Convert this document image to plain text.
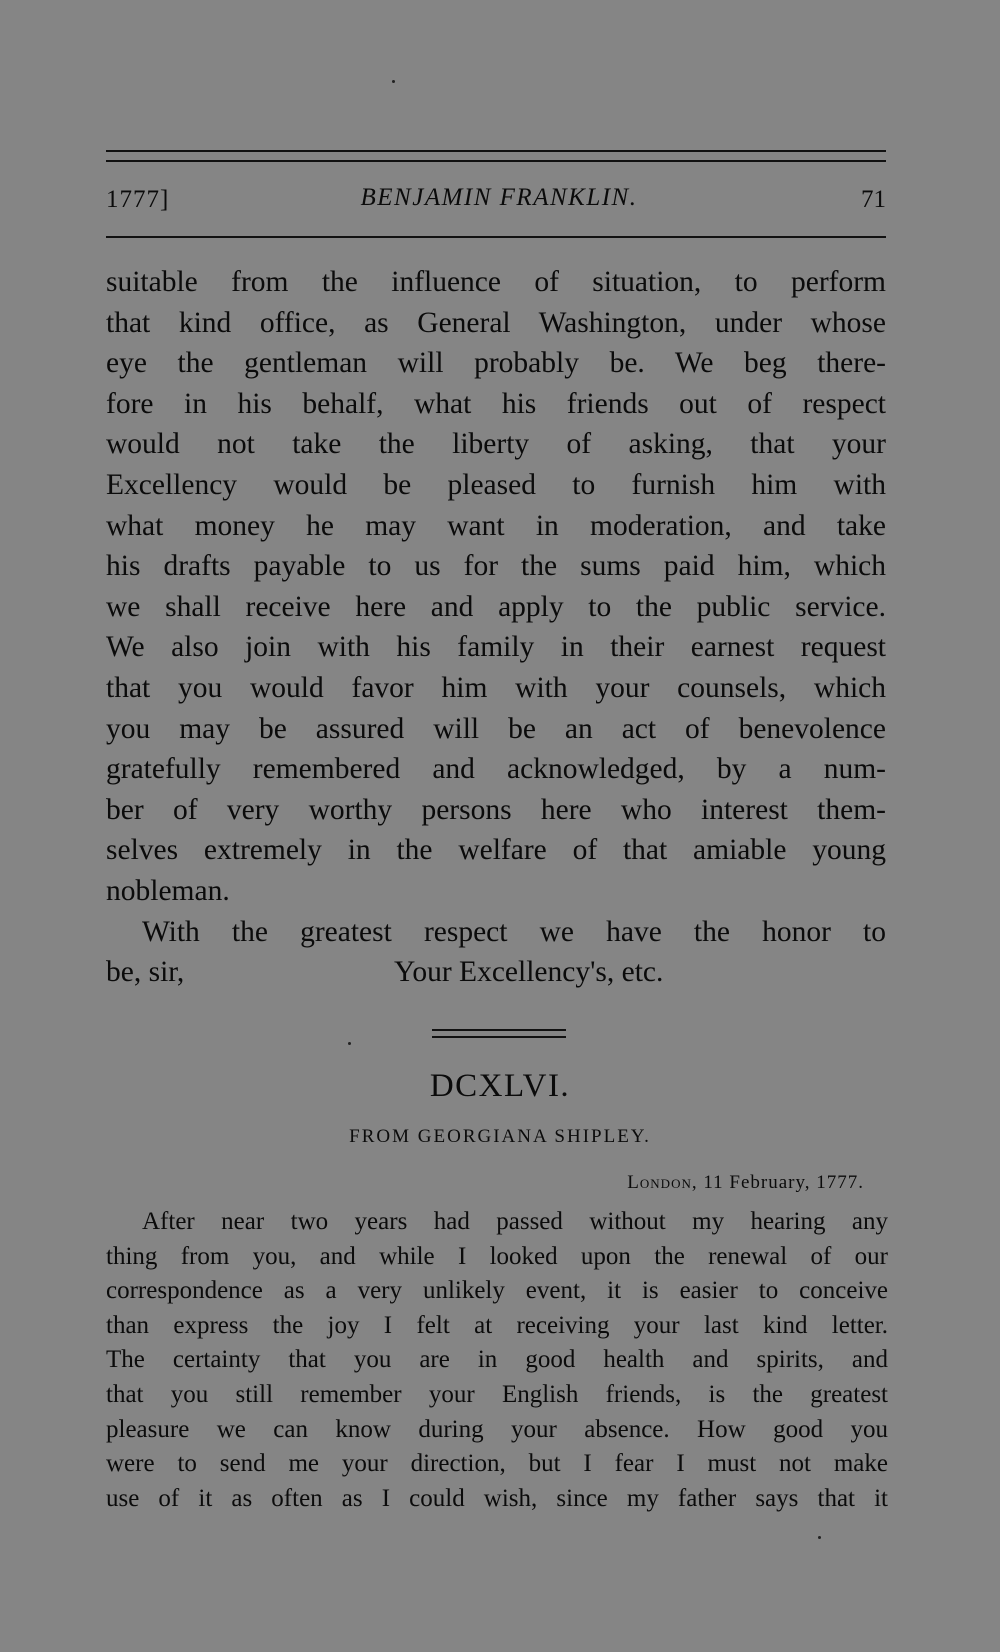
1777]	BENJAMIN FRANKLIN.	71
suitable from the influence of situation, to perform
that kind office, as General Washington, under whose
eye the gentleman will probably be. We beg there-
fore in his behalf, what his friends out of respect
would not take the liberty of asking, that your
Excellency would be pleased to furnish him with
what money he may want in moderation, and take
his drafts payable to us for the sums paid him, which
we shall receive here and apply to the public service.
We also join with his family in their earnest request
that you would favor him with your counsels, which
you may be assured will be an act of benevolence
gratefully remembered and acknowledged, by a num-
ber of very worthy persons here who interest them-
selves extremely in the welfare of that amiable young
nobleman.
With the greatest respect we have the honor to
be, sir,	Your Excellency's, etc.
DCXLVI.
FROM GEORGIANA SHIPLEY.
London, 11 February, 1777.
After near two years had passed without my hearing any
thing from you, and while I looked upon the renewal of our
correspondence as a very unlikely event, it is easier to conceive
than express the joy I felt at receiving your last kind letter.
The certainty that you are in good health and spirits, and
that you still remember your English friends, is the greatest
pleasure we can know during your absence. How good you
were to send me your direction, but I fear I must not make
use of it as often as I could wish, since my father says that it
